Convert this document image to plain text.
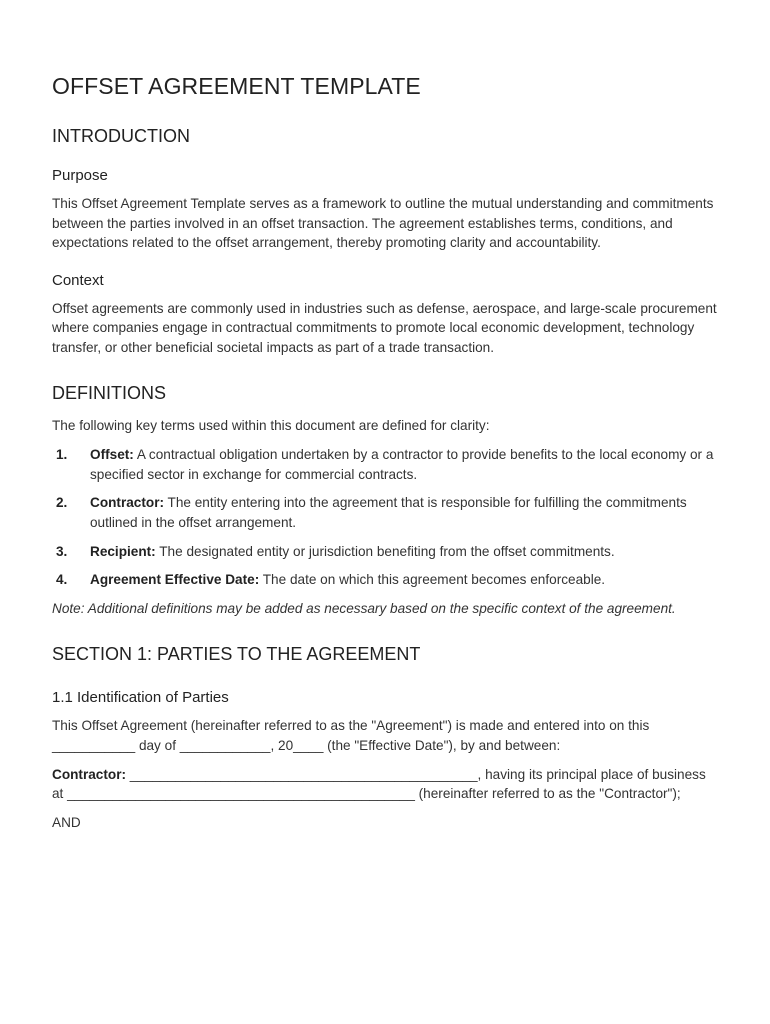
OFFSET AGREEMENT TEMPLATE
INTRODUCTION
Purpose

This Offset Agreement Template serves as a framework to outline the mutual understanding and commitments between the parties involved in an offset transaction. The agreement establishes terms, conditions, and expectations related to the offset arrangement, thereby promoting clarity and accountability.

Context

Offset agreements are commonly used in industries such as defense, aerospace, and large-scale procurement where companies engage in contractual commitments to promote local economic development, technology transfer, or other beneficial societal impacts as part of a trade transaction.

DEFINITIONS

The following key terms used within this document are defined for clarity:

1.	Offset: A contractual obligation undertaken by a contractor to provide benefits to the local economy or a specified sector in exchange for commercial contracts.
2.	Contractor: The entity entering into the agreement that is responsible for fulfilling the commitments outlined in the offset arrangement.
3.	Recipient: The designated entity or jurisdiction benefiting from the offset commitments.
4.	Agreement Effective Date: The date on which this agreement becomes enforceable.

Note: Additional definitions may be added as necessary based on the specific context of the agreement.

SECTION 1: PARTIES TO THE AGREEMENT
1.1 Identification of Parties

This Offset Agreement (hereinafter referred to as the "Agreement") is made and entered into on this ___________ day of ____________, 20____ (the "Effective Date"), by and between:

Contractor: ______________________________________________, having its principal place of business at ______________________________________________ (hereinafter referred to as the "Contractor");

AND
